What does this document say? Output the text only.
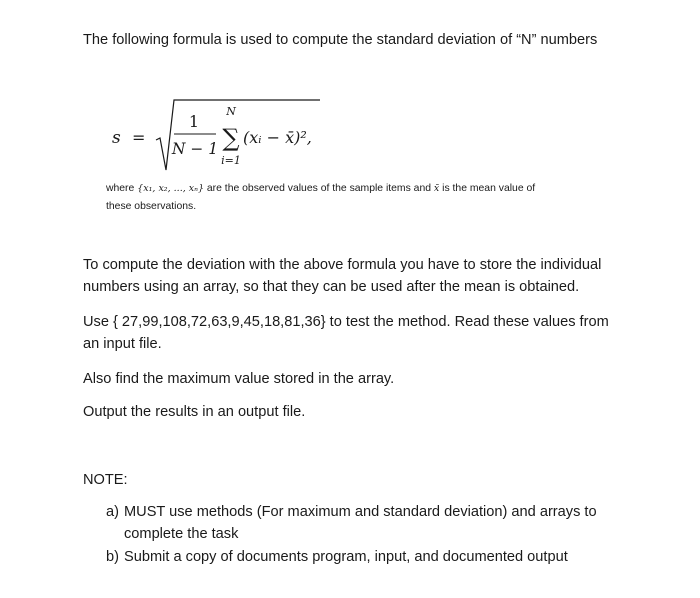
The following formula is used to compute the standard deviation of “N” numbers

s =
1
N − 1
N
∑
i=1
(xᵢ − x̄)²,
where {x₁, x₂, ..., xₙ} are the observed values of the sample items and x̄ is the mean value of
these observations.

To compute the deviation with the above formula you have to store the individual

numbers using an array, so that they can be used after the mean is obtained.

Use { 27,99,108,72,63,9,45,18,81,36} to test the method. Read these values from

an input file.

Also find the maximum value stored in the array.

Output the results in an output file.

NOTE:

a) MUST use methods (For maximum and standard deviation) and arrays to
complete the task
b) Submit a copy of documents program, input, and documented output
